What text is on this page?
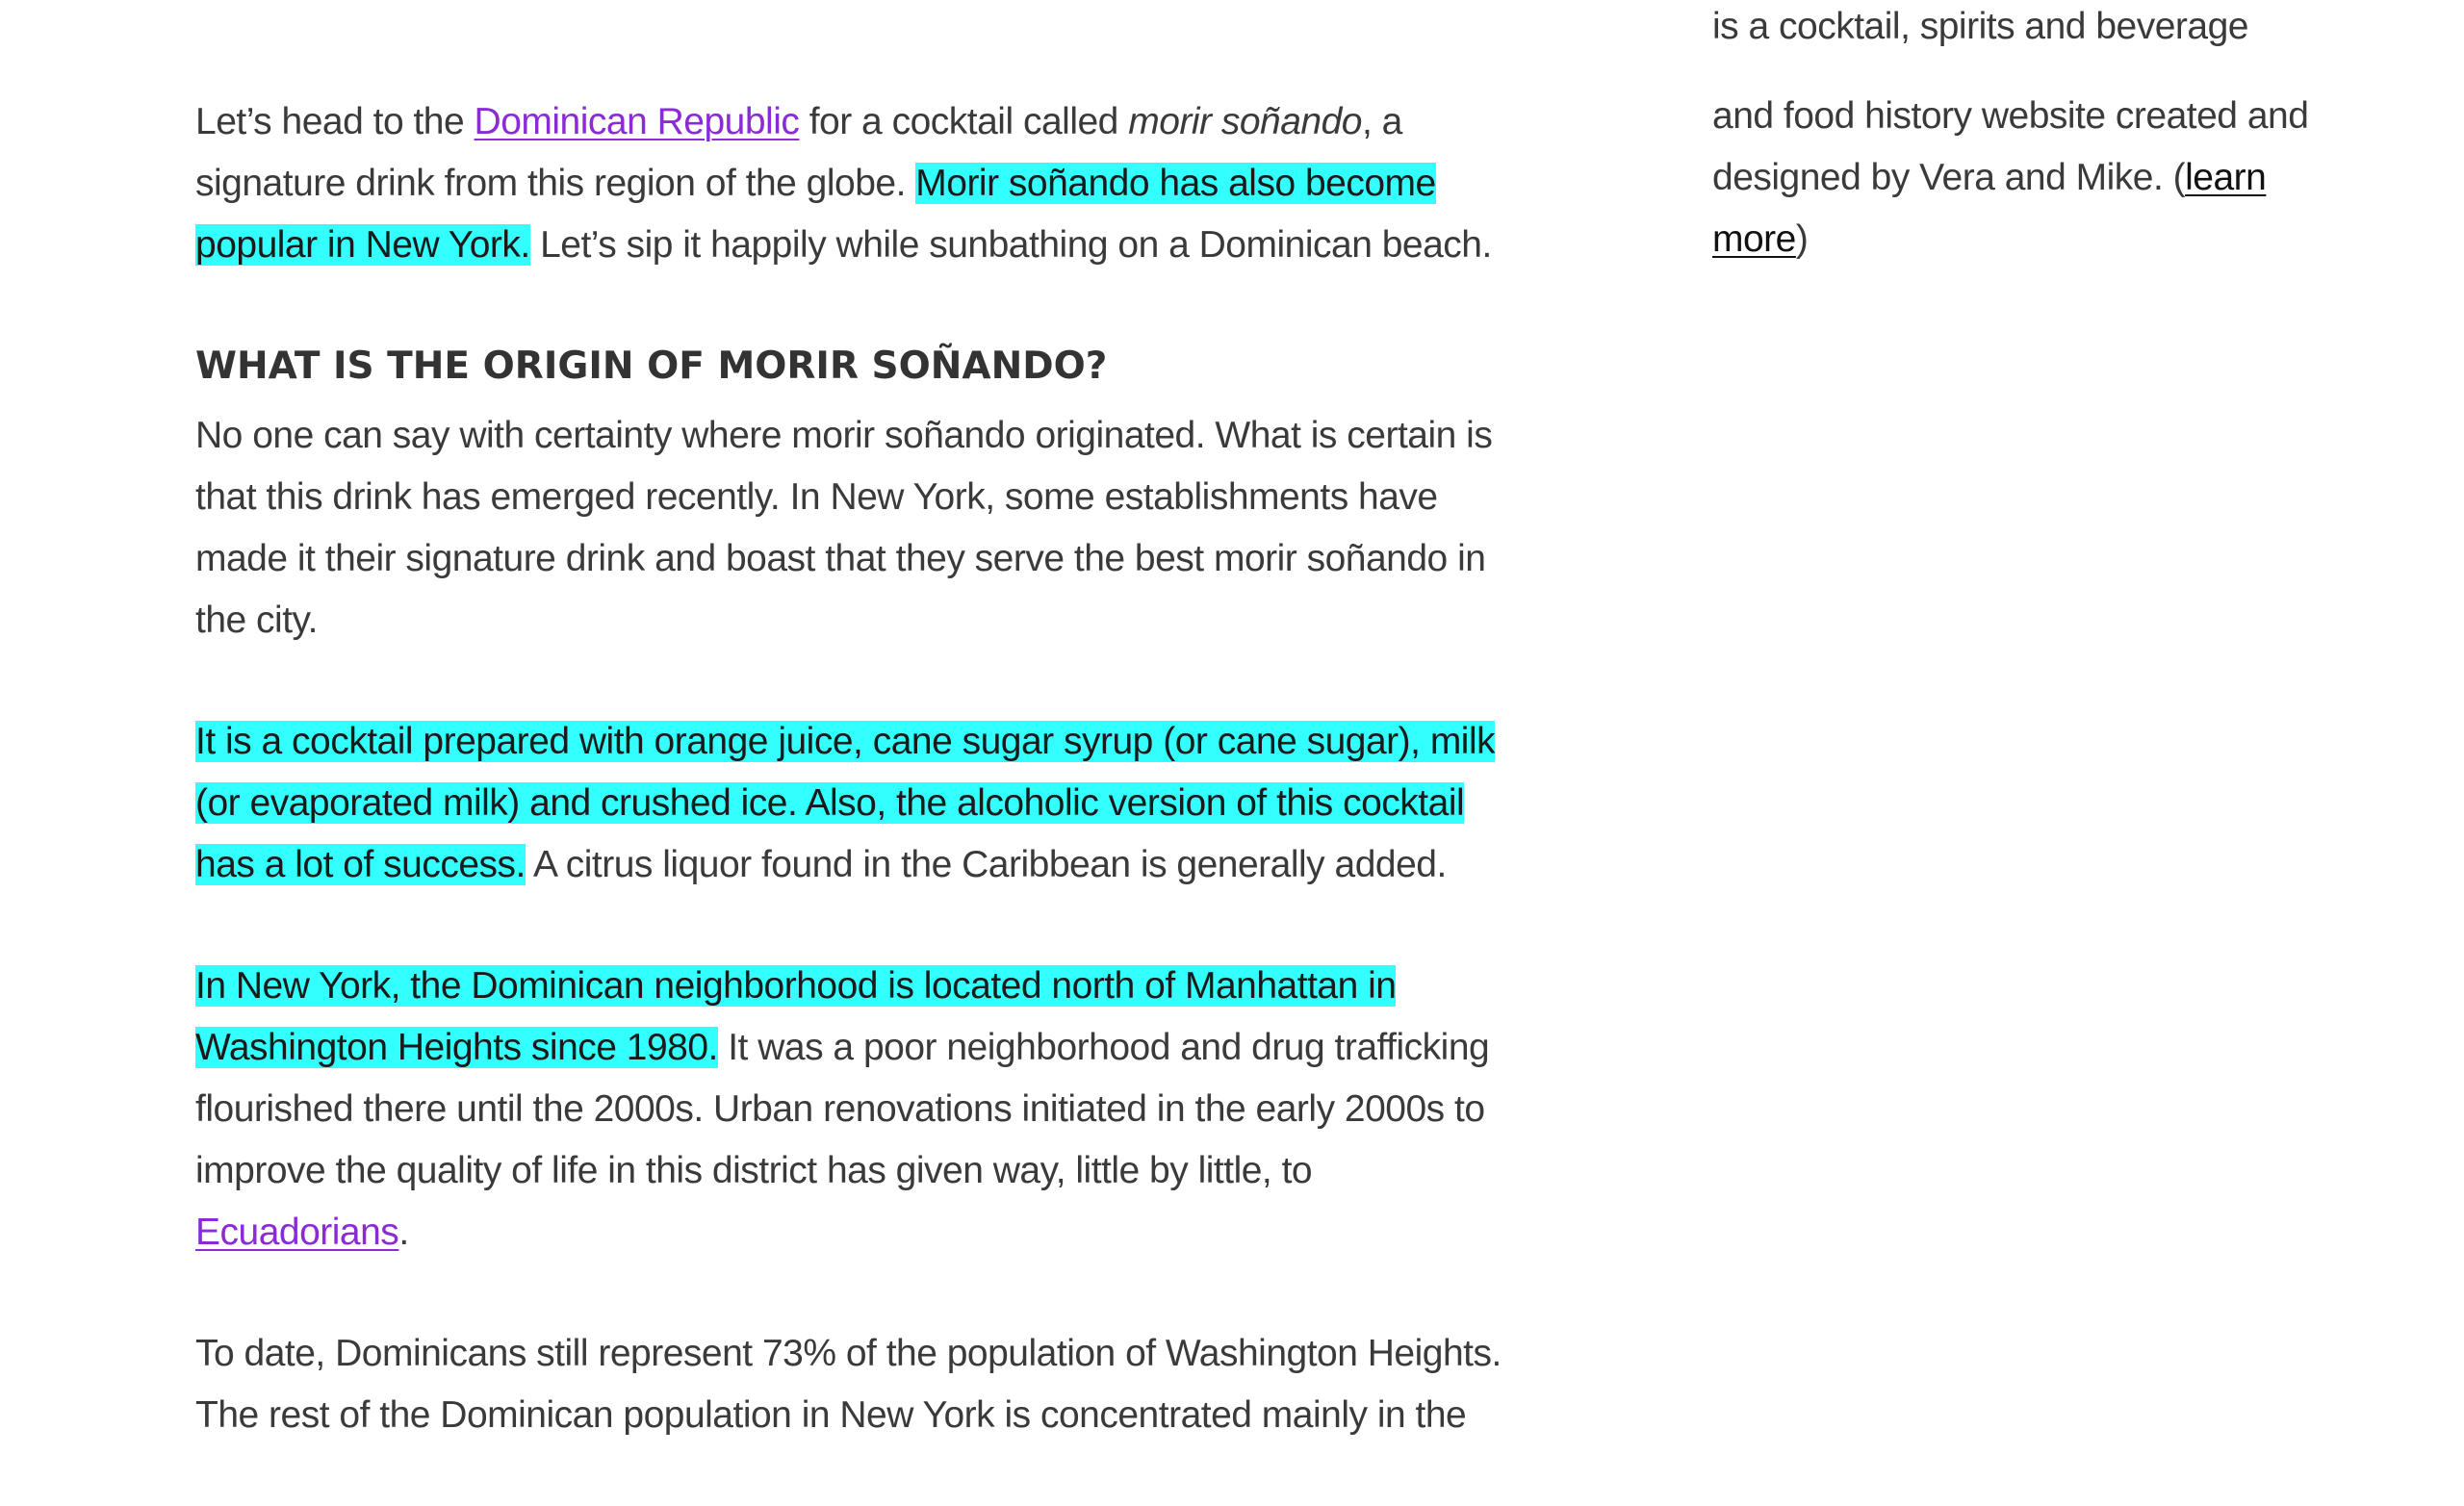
is a cocktail, spirits and beverage
and food history website created and designed by Vera and Mike. (learn more)

Let’s head to the Dominican Republic for a cocktail called morir soñando, a signature drink from this region of the globe. Morir soñando has also become popular in New York. Let’s sip it happily while sunbathing on a Dominican beach.

WHAT IS THE ORIGIN OF MORIR SOÑANDO?

No one can say with certainty where morir soñando originated. What is certain is that this drink has emerged recently. In New York, some establishments have made it their signature drink and boast that they serve the best morir soñando in the city.

It is a cocktail prepared with orange juice, cane sugar syrup (or cane sugar), milk (or evaporated milk) and crushed ice. Also, the alcoholic version of this cocktail has a lot of success. A citrus liquor found in the Caribbean is generally added.

In New York, the Dominican neighborhood is located north of Manhattan in Washington Heights since 1980. It was a poor neighborhood and drug trafficking flourished there until the 2000s. Urban renovations initiated in the early 2000s to improve the quality of life in this district has given way, little by little, to Ecuadorians.

To date, Dominicans still represent 73% of the population of Washington Heights. The rest of the Dominican population in New York is concentrated mainly in the
